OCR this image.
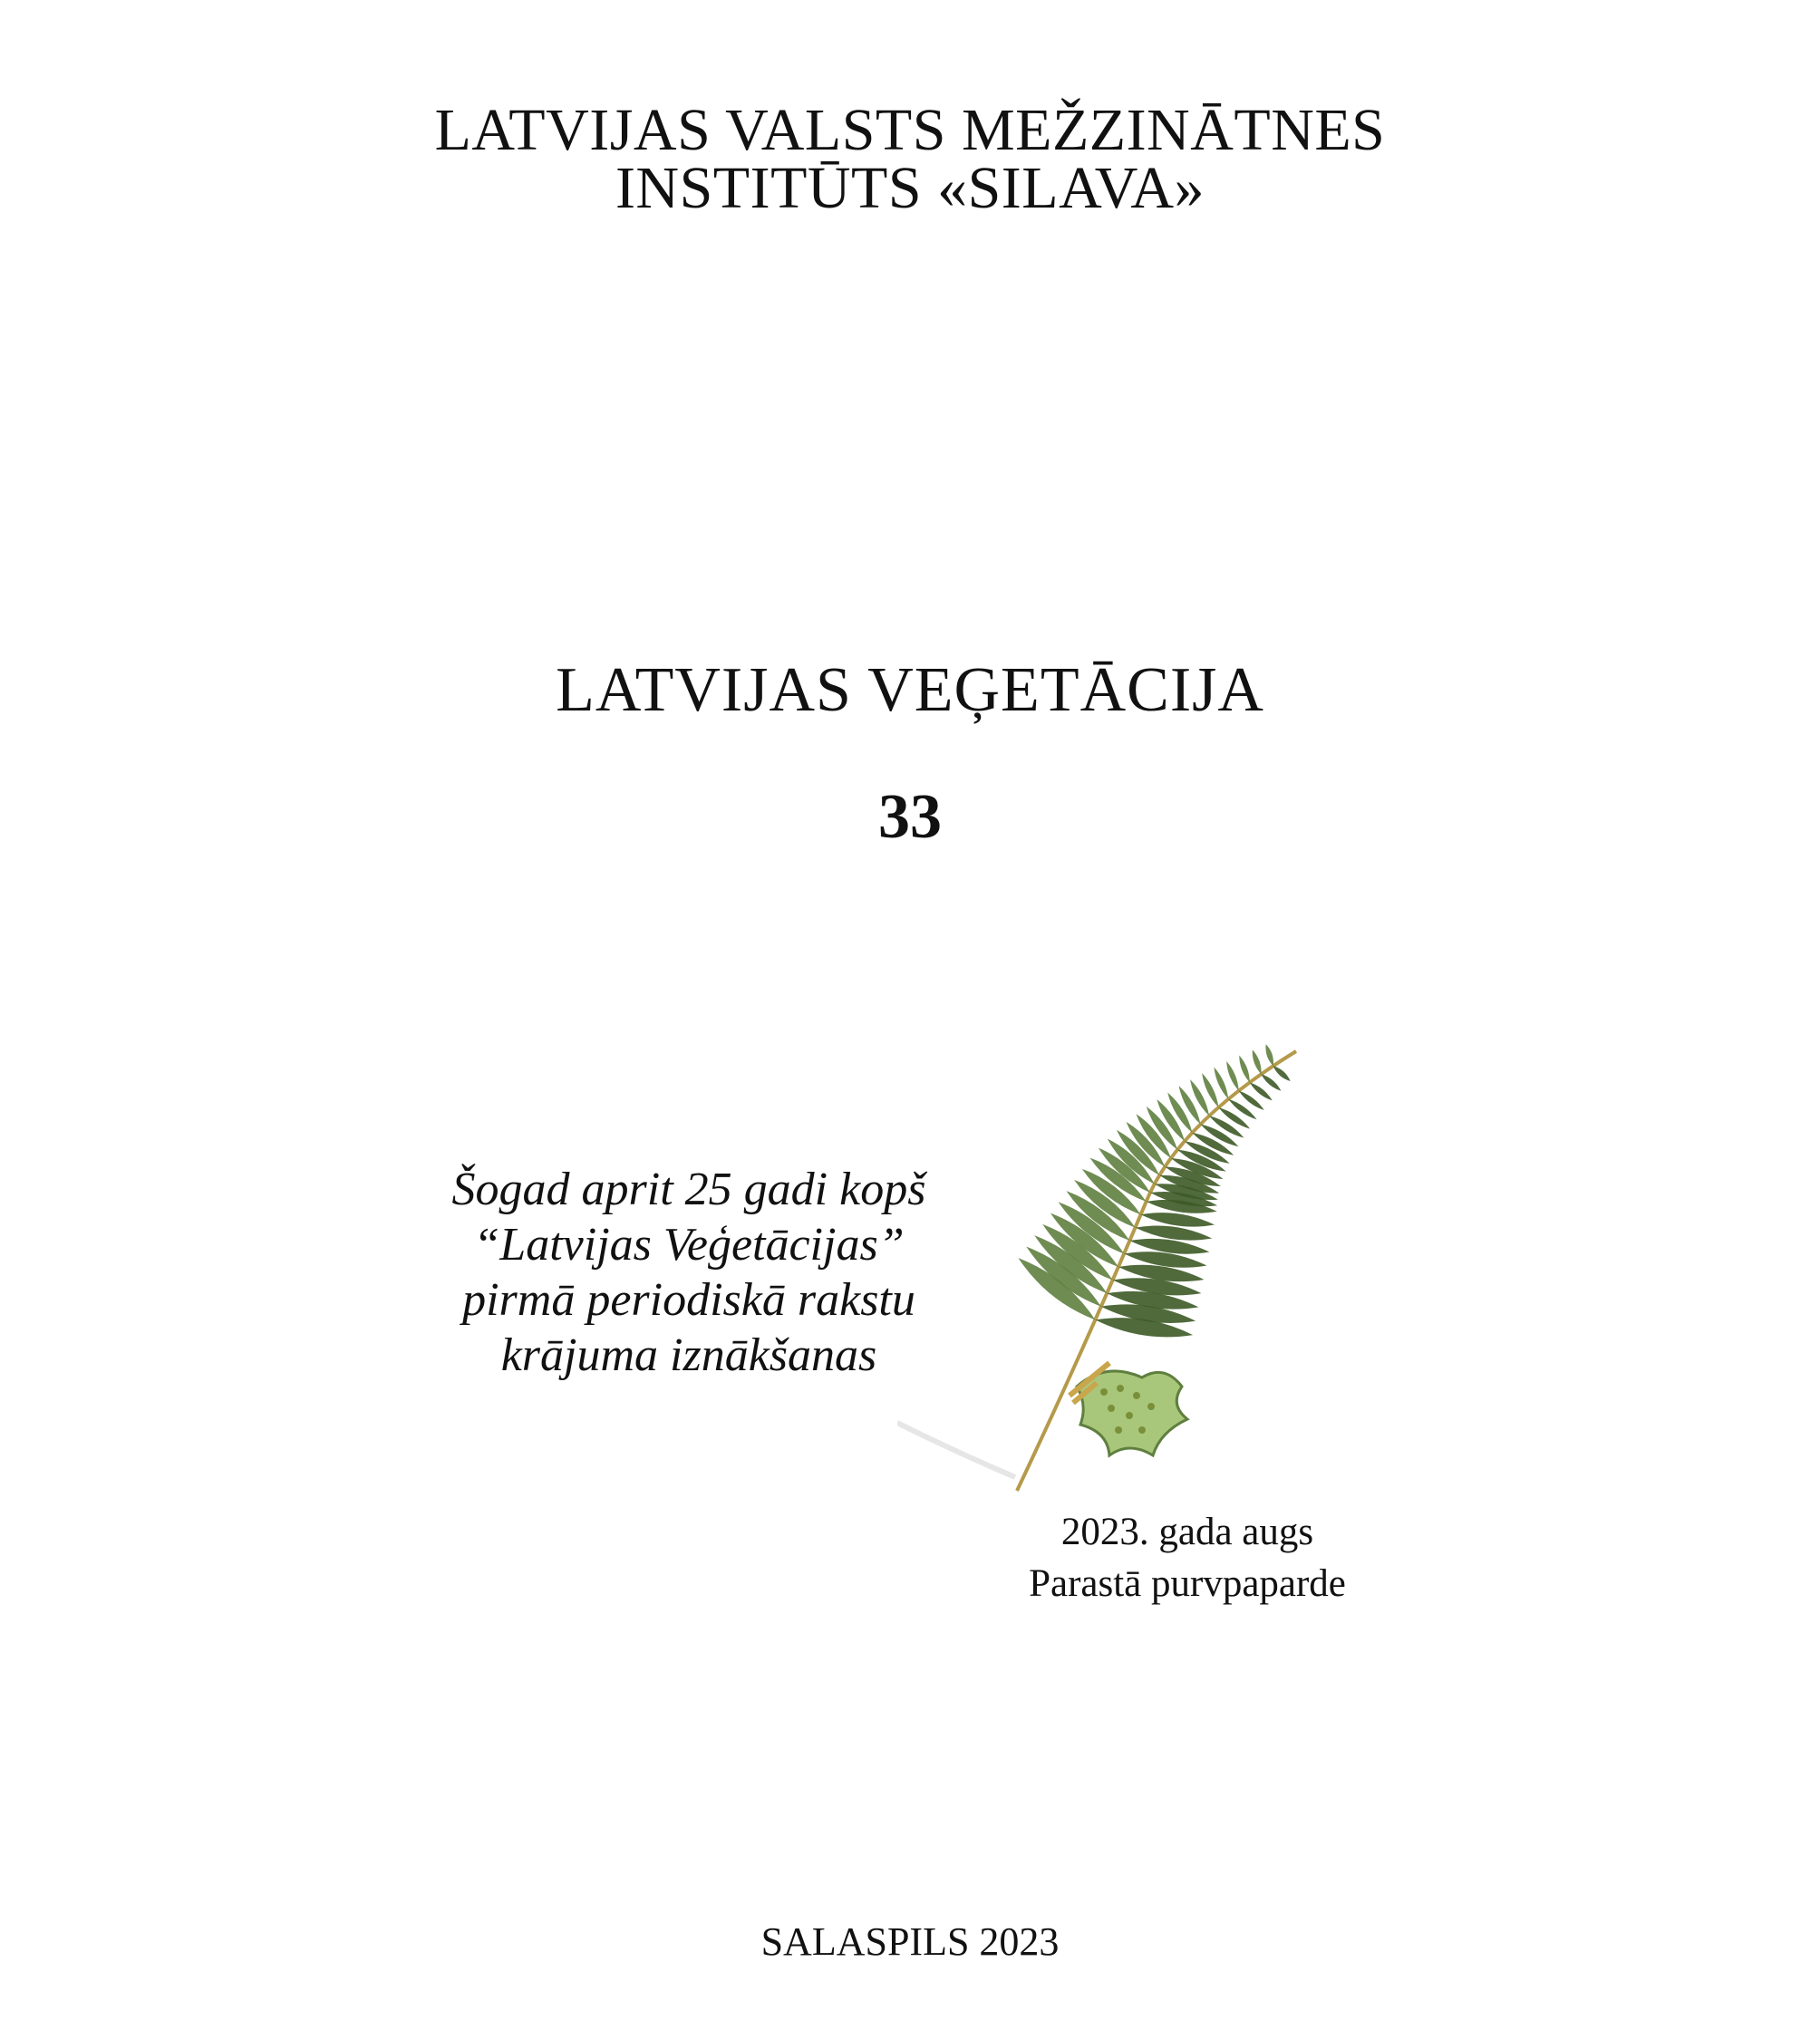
LATVIJAS VALSTS MEŽZINĀTNES
INSTITŪTS «SILAVA»
LATVIJAS VEĢETĀCIJA
33
Šogad aprit 25 gadi kopš
“Latvijas Veģetācijas”
pirmā periodiskā rakstu
krājuma iznākšanas
2023. gada augs
Parastā purvpaparde
SALASPILS 2023
